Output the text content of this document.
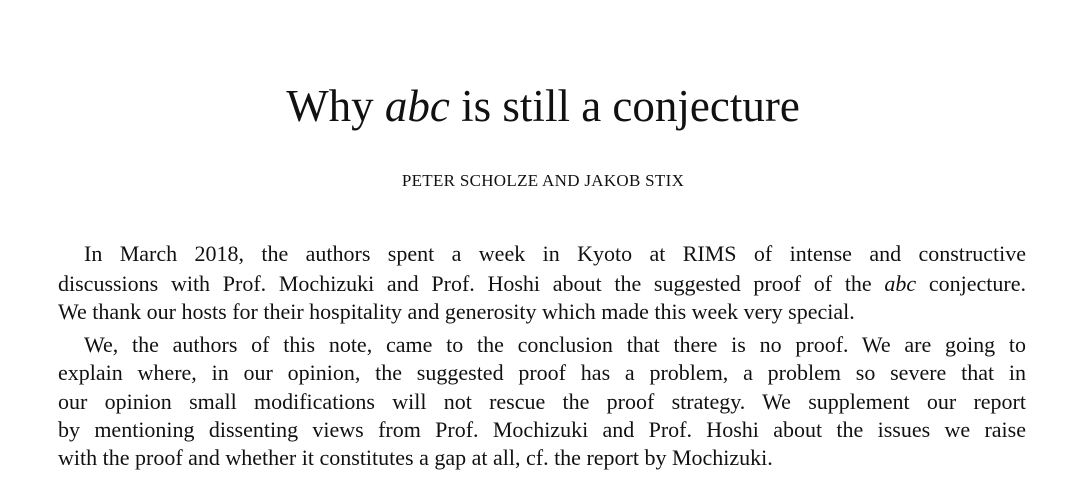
Why abc is still a conjecture

PETER SCHOLZE AND JAKOB STIX

In March 2018, the authors spent a week in Kyoto at RIMS of intense and constructive

discussions with Prof. Mochizuki and Prof. Hoshi about the suggested proof of the abc conjecture.

We thank our hosts for their hospitality and generosity which made this week very special.

We, the authors of this note, came to the conclusion that there is no proof. We are going to

explain where, in our opinion, the suggested proof has a problem, a problem so severe that in

our opinion small modifications will not rescue the proof strategy. We supplement our report

by mentioning dissenting views from Prof. Mochizuki and Prof. Hoshi about the issues we raise

with the proof and whether it constitutes a gap at all, cf. the report by Mochizuki.
